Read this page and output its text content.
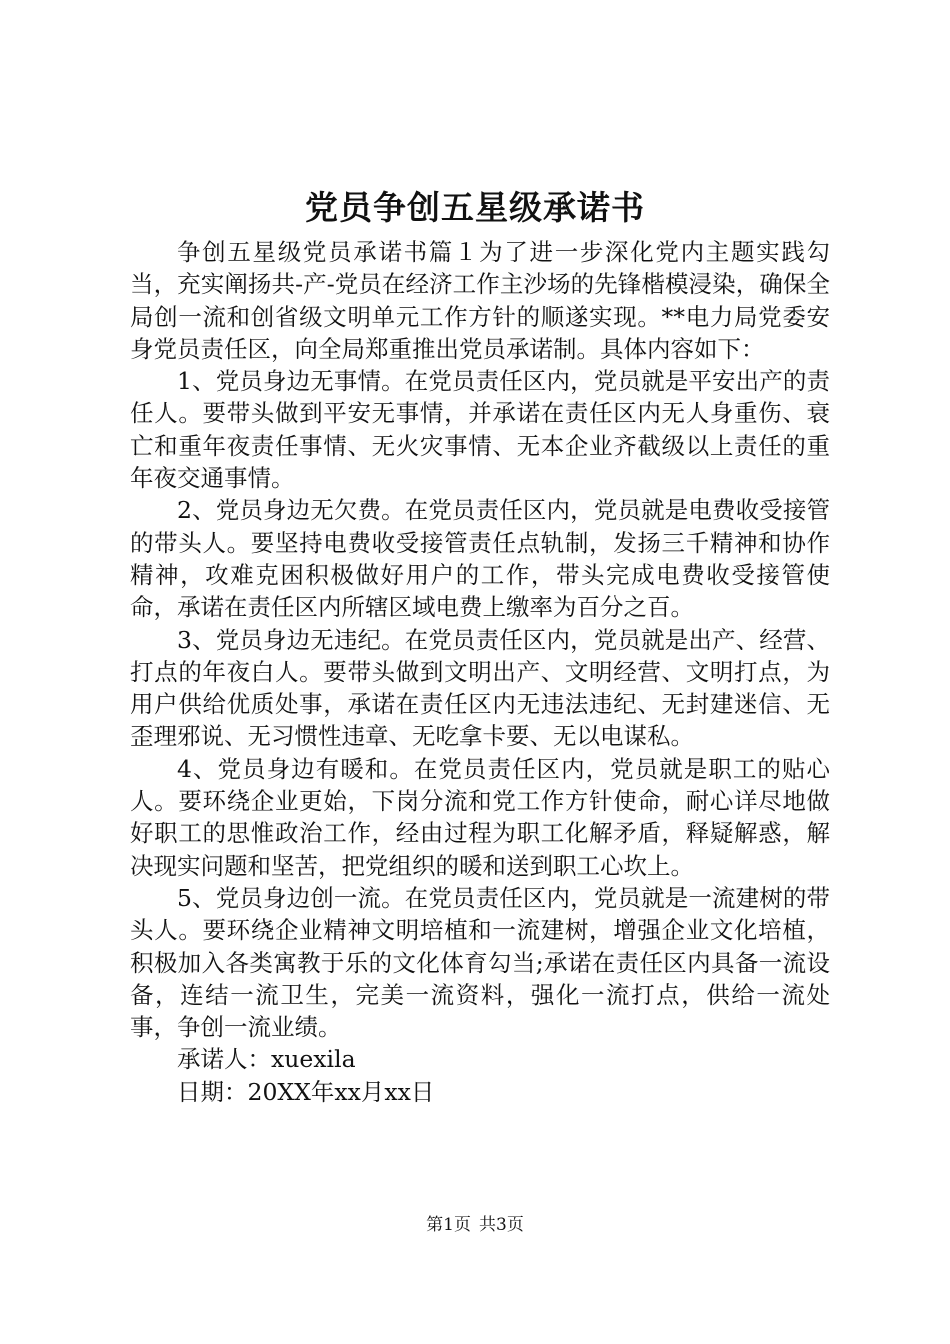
党员争创五星级承诺书

争创五星级党员承诺书篇１为了进一步深化党内主题实践勾当，充实阐扬共-产-党员在经济工作主沙场的先锋楷模浸染，确保全局创一流和创省级文明单元工作方针的顺遂实现。**电力局党委安身党员责任区，向全局郑重推出党员承诺制。具体内容如下：

1、党员身边无事情。在党员责任区内，党员就是平安出产的责任人。要带头做到平安无事情，并承诺在责任区内无人身重伤、衰亡和重年夜责任事情、无火灾事情、无本企业齐截级以上责任的重年夜交通事情。

2、党员身边无欠费。在党员责任区内，党员就是电费收受接管的带头人。要坚持电费收受接管责任点轨制，发扬三千精神和协作精神，攻难克困积极做好用户的工作，带头完成电费收受接管使命，承诺在责任区内所辖区域电费上缴率为百分之百。

3、党员身边无违纪。在党员责任区内，党员就是出产、经营、打点的年夜白人。要带头做到文明出产、文明经营、文明打点，为用户供给优质处事，承诺在责任区内无违法违纪、无封建迷信、无歪理邪说、无习惯性违章、无吃拿卡要、无以电谋私。

4、党员身边有暖和。在党员责任区内，党员就是职工的贴心人。要环绕企业更始，下岗分流和党工作方针使命，耐心详尽地做好职工的思惟政治工作，经由过程为职工化解矛盾，释疑解惑，解决现实问题和坚苦，把党组织的暖和送到职工心坎上。

5、党员身边创一流。在党员责任区内，党员就是一流建树的带头人。要环绕企业精神文明培植和一流建树，增强企业文化培植，积极加入各类寓教于乐的文化体育勾当;承诺在责任区内具备一流设备，连结一流卫生，完美一流资料，强化一流打点，供给一流处事，争创一流业绩。

承诺人：xuexila

日期：20XX年xx月xx日

第1页 共3页
